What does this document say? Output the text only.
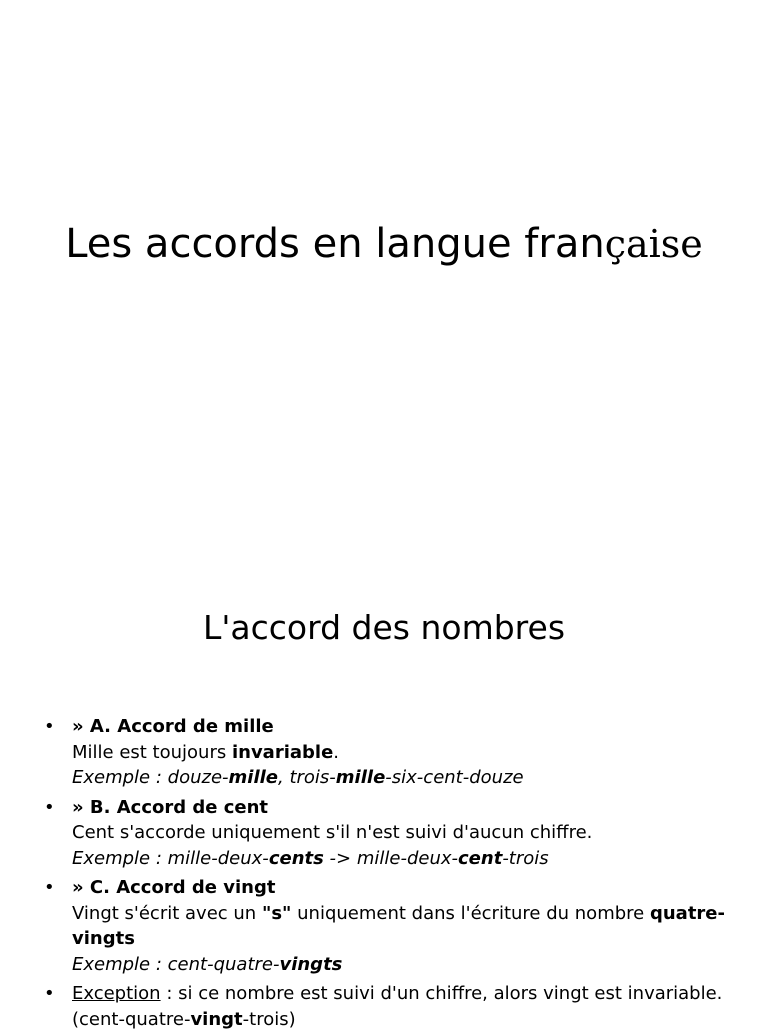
Les accords en langue française
L'accord des nombres
• » A. Accord de mille
Mille est toujours invariable.
Exemple : douze-mille, trois-mille-six-cent-douze
• » B. Accord de cent
Cent s'accorde uniquement s'il n'est suivi d'aucun chiffre.
Exemple : mille-deux-cents -> mille-deux-cent-trois
• » C. Accord de vingt
Vingt s'écrit avec un "s" uniquement dans l'écriture du nombre quatre-
vingts
Exemple : cent-quatre-vingts
• Exception : si ce nombre est suivi d'un chiffre, alors vingt est invariable.
(cent-quatre-vingt-trois)
